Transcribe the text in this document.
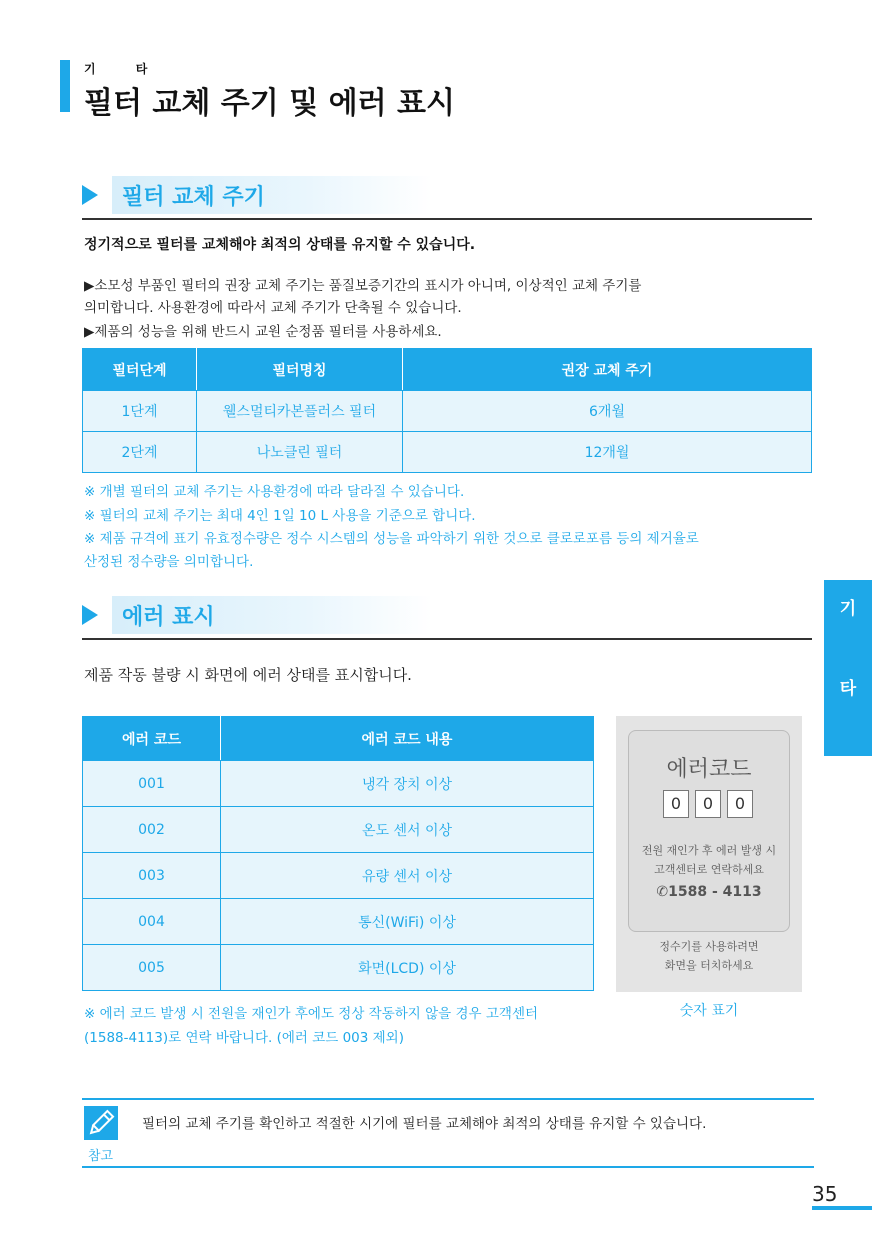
기 타
필터 교체 주기 및 에러 표시
필터 교체 주기
정기적으로 필터를 교체해야 최적의 상태를 유지할 수 있습니다.
▶소모성 부품인 필터의 권장 교체 주기는 품질보증기간의 표시가 아니며, 이상적인 교체 주기를
의미합니다. 사용환경에 따라서 교체 주기가 단축될 수 있습니다.
▶제품의 성능을 위해 반드시 교원 순정품 필터를 사용하세요.
필터단계	필터명칭	권장 교체 주기
1단계	웰스멀티카본플러스 필터	6개월
2단계	나노클린 필터	12개월
※ 개별 필터의 교체 주기는 사용환경에 따라 달라질 수 있습니다.
※ 필터의 교체 주기는 최대 4인 1일 10 L 사용을 기준으로 합니다.
※ 제품 규격에 표기 유효정수량은 정수 시스템의 성능을 파악하기 위한 것으로 클로로포름 등의 제거율로
산정된 정수량을 의미합니다.
에러 표시
제품 작동 불량 시 화면에 에러 상태를 표시합니다.
에러 코드	에러 코드 내용
001	냉각 장치 이상
002	온도 센서 이상
003	유량 센서 이상
004	통신(WiFi) 이상
005	화면(LCD) 이상
※ 에러 코드 발생 시 전원을 재인가 후에도 정상 작동하지 않을 경우 고객센터
(1588-4113)로 연락 바랍니다. (에러 코드 003 제외)
에러코드
0	0	0
전원 재인가 후 에러 발생 시
고객센터로 연락하세요
✆1588 - 4113
정수기를 사용하려면
화면을 터치하세요
숫자 표기
기
타
참고
필터의 교체 주기를 확인하고 적절한 시기에 필터를 교체해야 최적의 상태를 유지할 수 있습니다.
35
